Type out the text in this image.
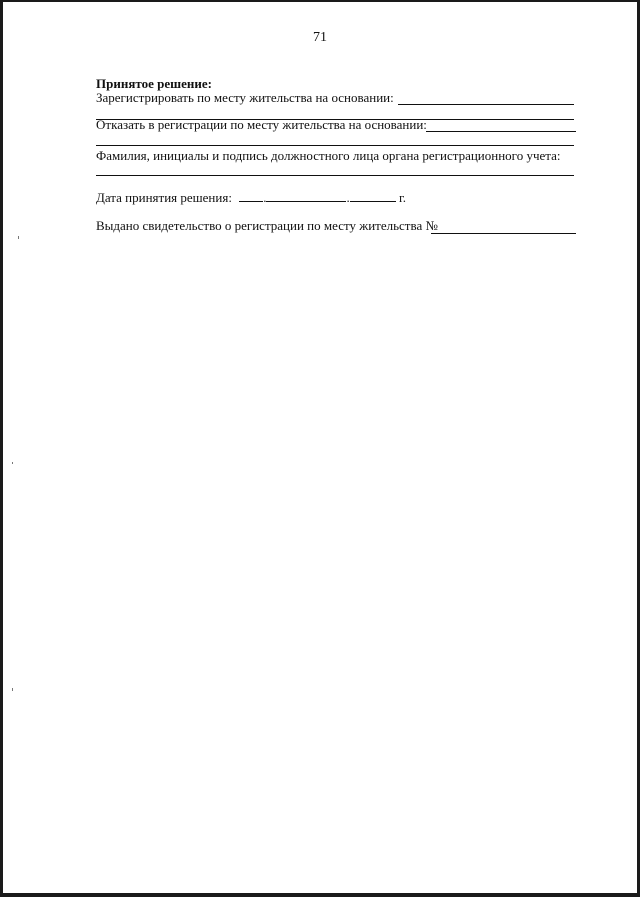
71
Принятое решение:
Зарегистрировать по месту жительства на основании:
Отказать в регистрации по месту жительства на основании:
Фамилия, инициалы и подпись должностного лица органа регистрационного учета:
Дата принятия решения: .	.	г.
Выдано свидетельство о регистрации по месту жительства №
